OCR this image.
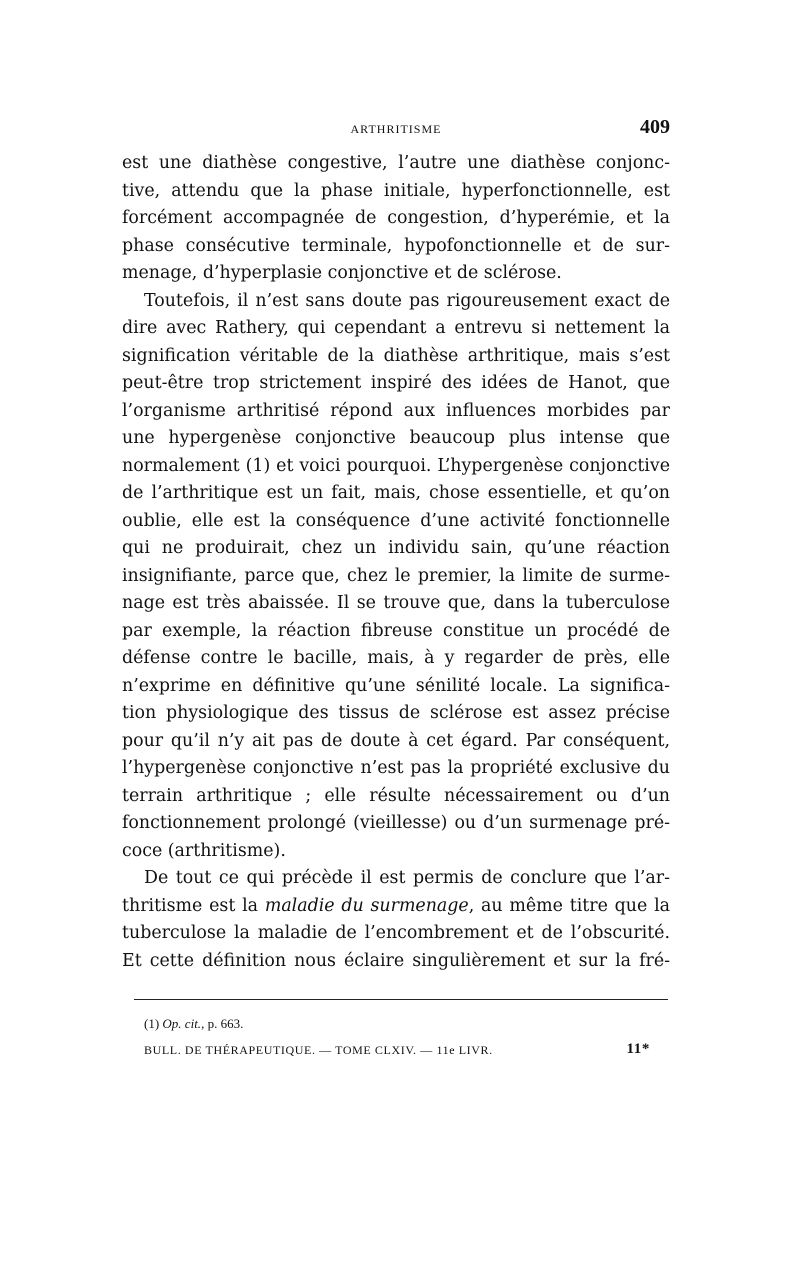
ARTHRITISME	409
est une diathèse congestive, l’autre une diathèse conjonc-
tive, attendu que la phase initiale, hyperfonctionnelle, est
forcément accompagnée de congestion, d’hyperémie, et la
phase consécutive terminale, hypofonctionnelle et de sur-
menage, d’hyperplasie conjonctive et de sclérose.
Toutefois, il n’est sans doute pas rigoureusement exact de
dire avec Rathery, qui cependant a entrevu si nettement la
signification véritable de la diathèse arthritique, mais s’est
peut-être trop strictement inspiré des idées de Hanot, que
l’organisme arthritisé répond aux influences morbides par
une hypergenèse conjonctive beaucoup plus intense que
normalement (1) et voici pourquoi. L’hypergenèse conjonctive
de l’arthritique est un fait, mais, chose essentielle, et qu’on
oublie, elle est la conséquence d’une activité fonctionnelle
qui ne produirait, chez un individu sain, qu’une réaction
insignifiante, parce que, chez le premier, la limite de surme-
nage est très abaissée. Il se trouve que, dans la tuberculose
par exemple, la réaction fibreuse constitue un procédé de
défense contre le bacille, mais, à y regarder de près, elle
n’exprime en définitive qu’une sénilité locale. La significa-
tion physiologique des tissus de sclérose est assez précise
pour qu’il n’y ait pas de doute à cet égard. Par conséquent,
l’hypergenèse conjonctive n’est pas la propriété exclusive du
terrain arthritique ; elle résulte nécessairement ou d’un
fonctionnement prolongé (vieillesse) ou d’un surmenage pré-
coce (arthritisme).
De tout ce qui précède il est permis de conclure que l’ar-
thritisme est la maladie du surmenage, au même titre que la
tuberculose la maladie de l’encombrement et de l’obscurité.
Et cette définition nous éclaire singulièrement et sur la fré-
(1) Op. cit., p. 663.
BULL. DE THÉRAPEUTIQUE. — TOME CLXIV. — 11e LIVR.	11*
